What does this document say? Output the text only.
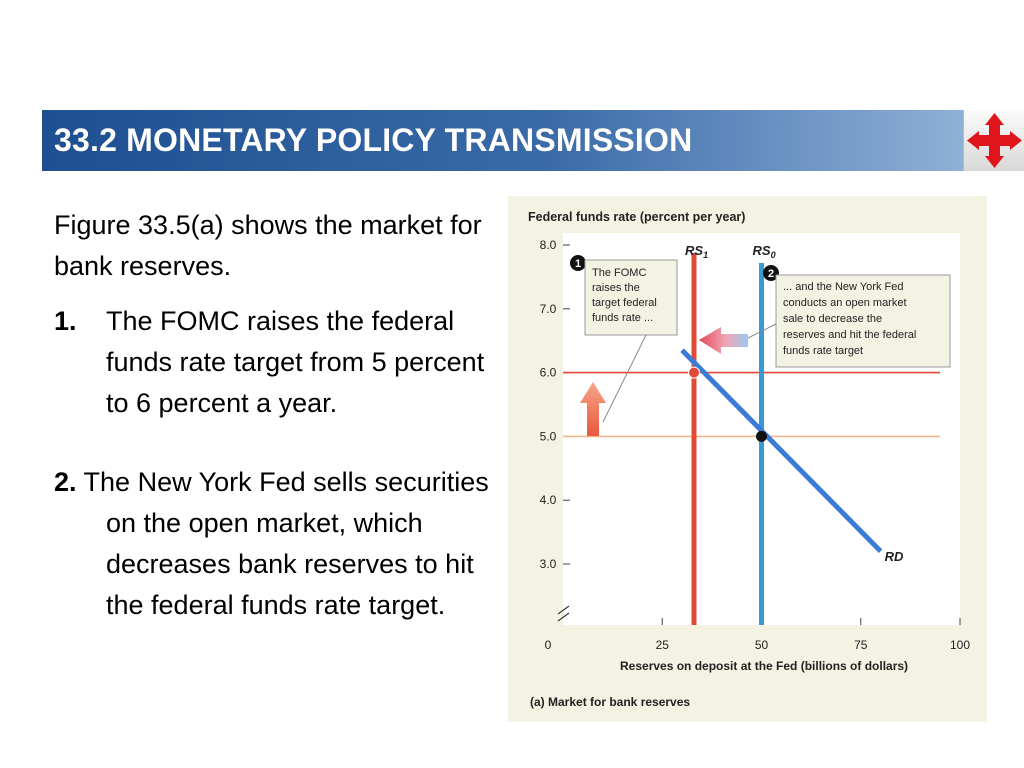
33.2 MONETARY POLICY TRANSMISSION
Figure 33.5(a) shows the market for bank reserves.
1. The FOMC raises the federal funds rate target from 5 percent to 6 percent a year.
2. The New York Fed sells securities on the open market, which decreases bank reserves to hit the federal funds rate target.
Federal funds rate (percent per year)
3.0
4.0
5.0
6.0
7.0
8.0
0	25	50	75	100
$RS_1$	$RS_0$
RD
Reserves on deposit at the Fed (billions of dollars)
(a) Market for bank reserves
1
The FOMC raises the target federal funds rate ...
2
... and the New York Fed conducts an open market sale to decrease the reserves and hit the federal funds rate target
